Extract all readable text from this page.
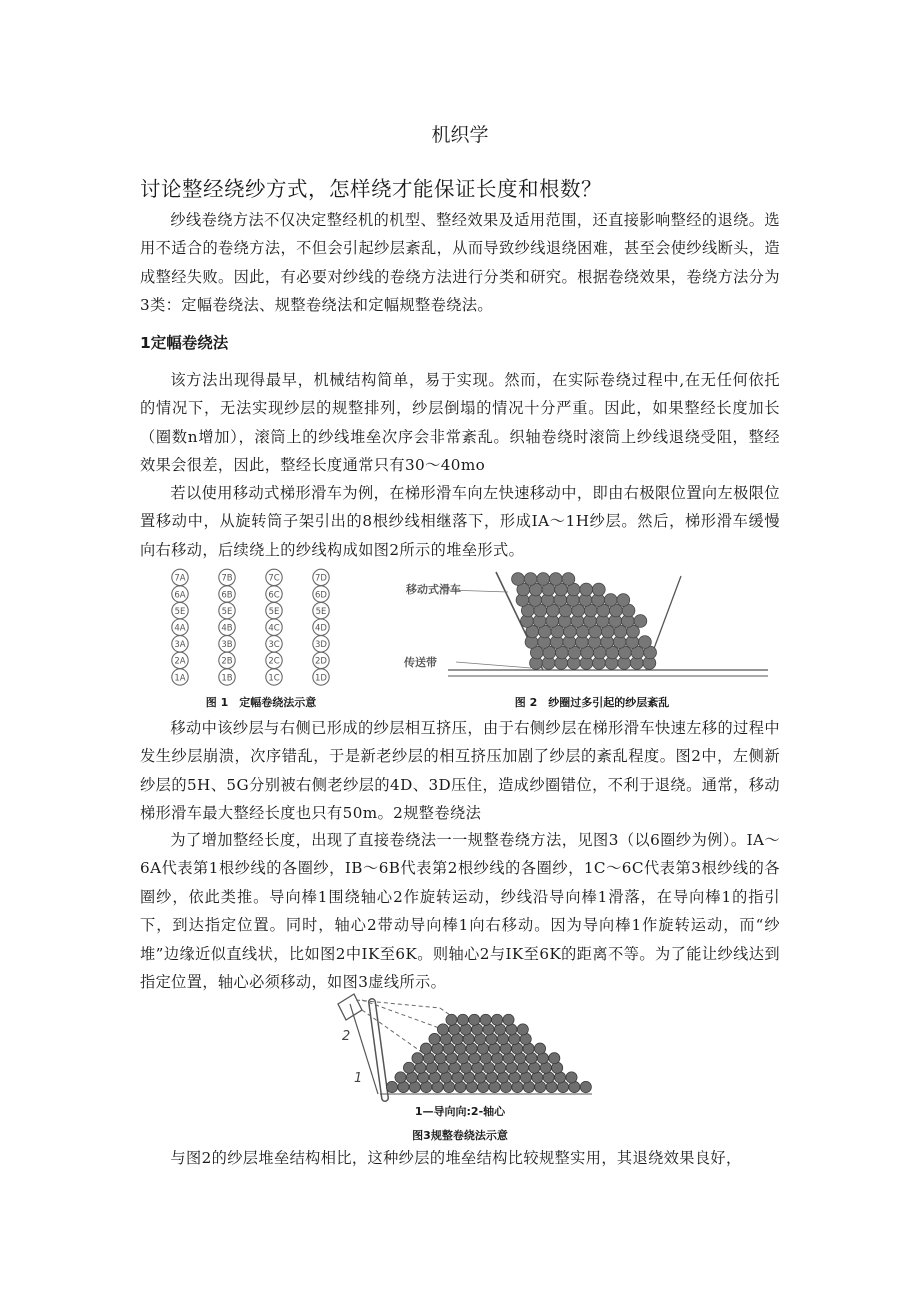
机织学
讨论整经绕纱方式，怎样绕才能保证长度和根数？
纱线卷绕方法不仅决定整经机的机型、整经效果及适用范围，还直接影响整经的退绕。选用不适合的卷绕方法，不但会引起纱层紊乱，从而导致纱线退绕困难，甚至会使纱线断头，造成整经失败。因此，有必要对纱线的卷绕方法进行分类和研究。根据卷绕效果，卷绕方法分为3类：定幅卷绕法、规整卷绕法和定幅规整卷绕法。
1定幅卷绕法
该方法出现得最早，机械结构简单，易于实现。然而，在实际卷绕过程中,在无任何依托的情况下，无法实现纱层的规整排列，纱层倒塌的情况十分严重。因此，如果整经长度加长（圈数n增加），滚筒上的纱线堆垒次序会非常紊乱。织轴卷绕时滚筒上纱线退绕受阻，整经效果会很差，因此，整经长度通常只有30～40mo
若以使用移动式梯形滑车为例，在梯形滑车向左快速移动中，即由右极限位置向左极限位置移动中，从旋转筒子架引出的8根纱线相继落下，形成IA～1H纱层。然后，梯形滑车缓慢向右移动，后续绕上的纱线构成如图2所示的堆垒形式。
1A
2A
3A
4A
5E
6A
7A
1B
2B
3B
4B
5E
6B
7B
1C
2C
3C
4C
5E
6C
7C
1D
2D
3D
4D
5E
6D
7D
图 1　定幅卷绕法示意
移动式滑车
传送带
图 2　纱圈过多引起的纱层紊乱
移动中该纱层与右侧已形成的纱层相互挤压，由于右侧纱层在梯形滑车快速左移的过程中发生纱层崩溃，次序错乱，于是新老纱层的相互挤压加剧了纱层的紊乱程度。图2中，左侧新纱层的5H、5G分别被右侧老纱层的4D、3D压住，造成纱圈错位，不利于退绕。通常，移动梯形滑车最大整经长度也只有50m。2规整卷绕法
为了增加整经长度，出现了直接卷绕法一一规整卷绕方法，见图3（以6圈纱为例）。IA～6A代表第1根纱线的各圈纱，IB～6B代表第2根纱线的各圈纱，1C～6C代表第3根纱线的各圈纱，依此类推。导向棒1围绕轴心2作旋转运动，纱线沿导向棒1滑落，在导向棒1的指引下，到达指定位置。同时，轴心2带动导向棒1向右移动。因为导向棒1作旋转运动，而“纱堆”边缘近似直线状，比如图2中IK至6K。则轴心2与IK至6K的距离不等。为了能让纱线达到指定位置，轴心必须移动，如图3虚线所示。
2
1
1—导向向:2-轴心
图3规整卷绕法示意
与图2的纱层堆垒结构相比，这种纱层的堆垒结构比较规整实用，其退绕效果良好，
